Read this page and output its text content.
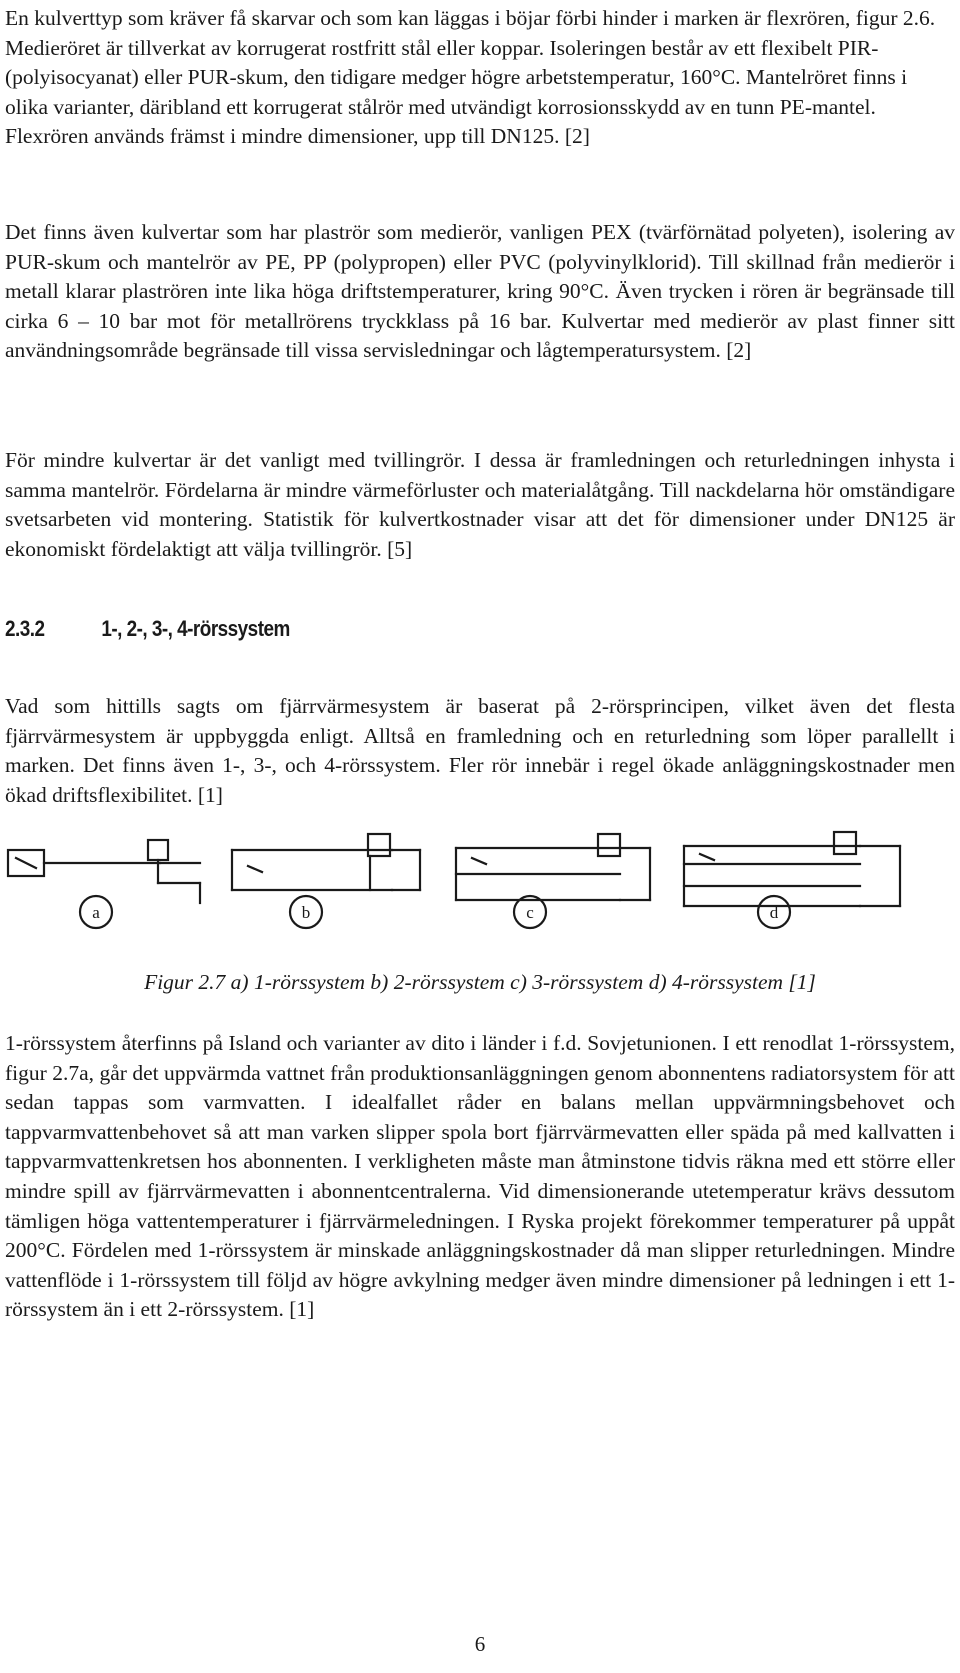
En kulverttyp som kräver få skarvar och som kan läggas i böjar förbi hinder i marken är flexrören, figur 2.6. Medieröret är tillverkat av korrugerat rostfritt stål eller koppar. Isoleringen består av ett flexibelt PIR- (polyisocyanat) eller PUR-skum, den tidigare medger högre arbetstemperatur, 160°C. Mantelröret finns i olika varianter, däribland ett korrugerat stålrör med utvändigt korrosionsskydd av en tunn PE-mantel. Flexrören används främst i mindre dimensioner, upp till DN125. [2]

Det finns även kulvertar som har plaströr som medierör, vanligen PEX (tvärförnätad polyeten), isolering av PUR-skum och mantelrör av PE, PP (polypropen) eller PVC (polyvinylklorid). Till skillnad från medierör i metall klarar plaströren inte lika höga driftstemperaturer, kring 90°C. Även trycken i rören är begränsade till cirka 6 – 10 bar mot för metallrörens tryckklass på 16 bar. Kulvertar med medierör av plast finner sitt användningsområde begränsade till vissa servisledningar och lågtemperatursystem. [2]

För mindre kulvertar är det vanligt med tvillingrör. I dessa är framledningen och returledningen inhysta i samma mantelrör. Fördelarna är mindre värmeförluster och materialåtgång. Till nackdelarna hör omständigare svetsarbeten vid montering. Statistik för kulvertkostnader visar att det för dimensioner under DN125 är ekonomiskt fördelaktigt att välja tvillingrör. [5]

2.3.2	1-, 2-, 3-, 4-rörssystem

Vad som hittills sagts om fjärrvärmesystem är baserat på 2-rörsprincipen, vilket även det flesta fjärrvärmesystem är uppbyggda enligt. Alltså en framledning och en returledning som löper parallellt i marken. Det finns även 1-, 3-, och 4-rörssystem. Fler rör innebär i regel ökade anläggningskostnader men ökad driftsflexibilitet. [1]

a	b	c	d

Figur 2.7 a) 1-rörssystem b) 2-rörssystem c) 3-rörssystem d) 4-rörssystem [1]

1-rörssystem återfinns på Island och varianter av dito i länder i f.d. Sovjetunionen. I ett renodlat 1-rörssystem, figur 2.7a, går det uppvärmda vattnet från produktionsanläggningen genom abonnentens radiatorsystem för att sedan tappas som varmvatten. I idealfallet råder en balans mellan uppvärmningsbehovet och tappvarmvattenbehovet så att man varken slipper spola bort fjärrvärmevatten eller späda på med kallvatten i tappvarmvattenkretsen hos abonnenten. I verkligheten måste man åtminstone tidvis räkna med ett större eller mindre spill av fjärrvärmevatten i abonnentcentralerna. Vid dimensionerande utetemperatur krävs dessutom tämligen höga vattentemperaturer i fjärrvärmeledningen. I Ryska projekt förekommer temperaturer på uppåt 200°C. Fördelen med 1-rörssystem är minskade anläggningskostnader då man slipper returledningen. Mindre vattenflöde i 1-rörssystem till följd av högre avkylning medger även mindre dimensioner på ledningen i ett 1-rörssystem än i ett 2-rörssystem. [1]

6
